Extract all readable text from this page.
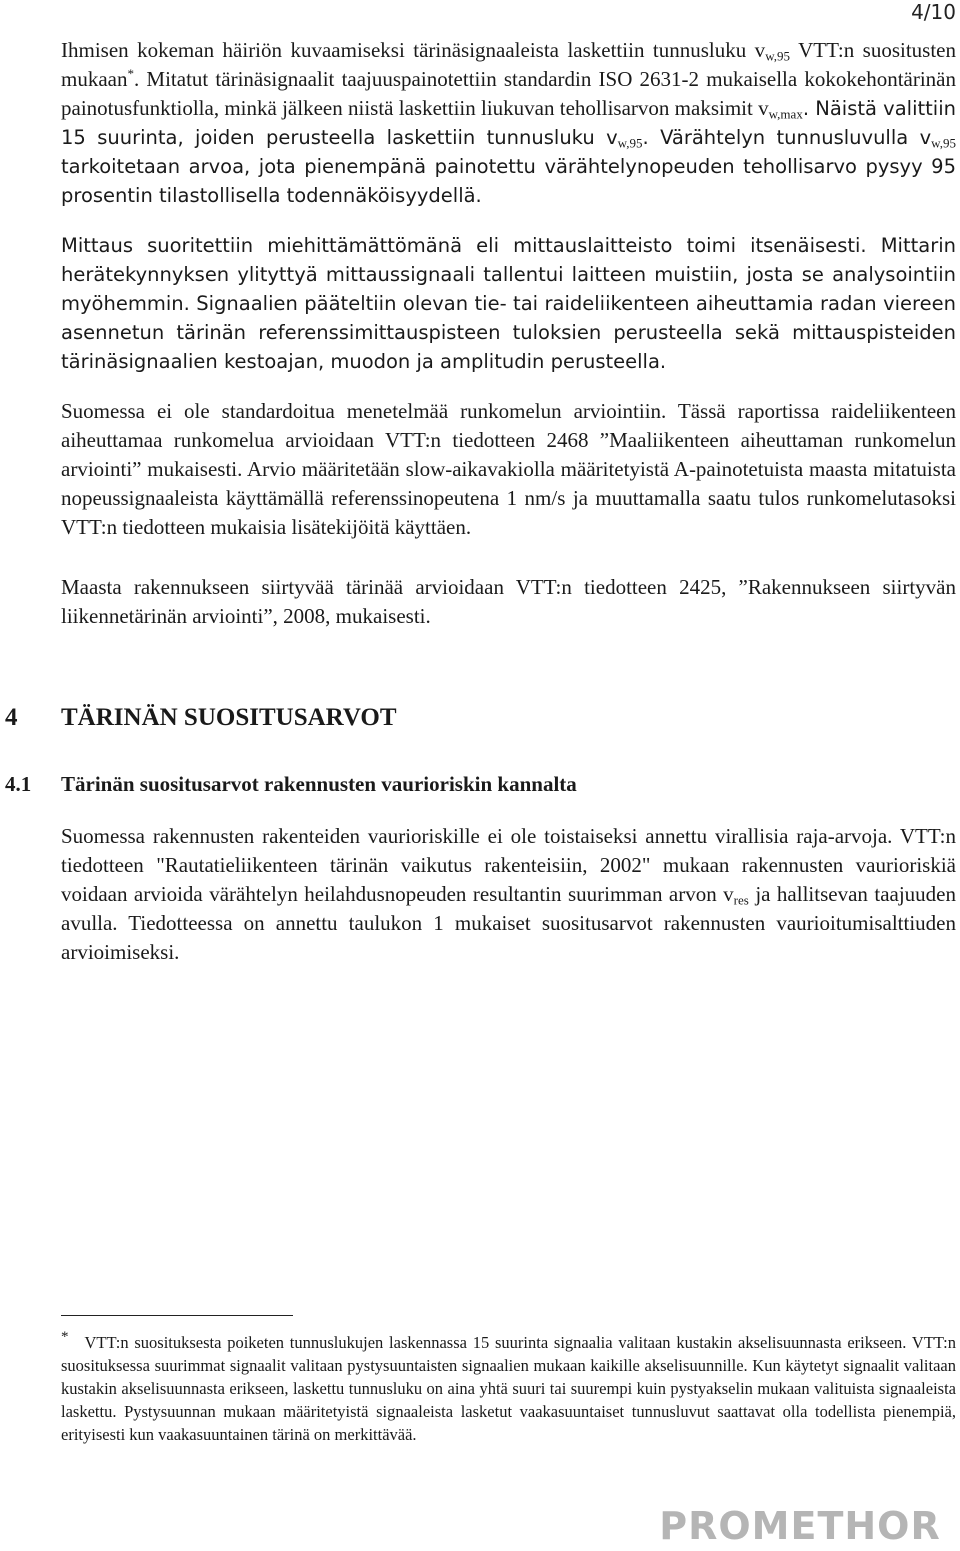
4/10

Ihmisen kokeman häiriön kuvaamiseksi tärinäsignaaleista laskettiin tunnusluku $v_{w,95}$ VTT:n suositusten mukaan*. Mitatut tärinäsignaalit taajuuspainotettiin standardin ISO 2631-2 mukaisella kokokehontärinän painotusfunktiolla, minkä jälkeen niistä laskettiin liukuvan tehollisarvon maksimit $v_{w,max}$. Näistä valittiin 15 suurinta, joiden perusteella laskettiin tunnusluku $v_{w,95}$. Värähtelyn tunnusluvulla $v_{w,95}$ tarkoitetaan arvoa, jota pienempänä painotettu värähtelynopeuden tehollisarvo pysyy 95 prosentin tilastollisella todennäköisyydellä.

Mittaus suoritettiin miehittämättömänä eli mittauslaitteisto toimi itsenäisesti. Mittarin herätekynnyksen ylityttyä mittaussignaali tallentui laitteen muistiin, josta se analysointiin myöhemmin. Signaalien pääteltiin olevan tie- tai raideliikenteen aiheuttamia radan viereen asennetun tärinän referenssimittauspisteen tuloksien perusteella sekä mittauspisteiden tärinäsignaalien kestoajan, muodon ja amplitudin perusteella.

Suomessa ei ole standardoitua menetelmää runkomelun arviointiin. Tässä raportissa raideliikenteen aiheuttamaa runkomelua arvioidaan VTT:n tiedotteen 2468 ”Maaliikenteen aiheuttaman runkomelun arviointi” mukaisesti. Arvio määritetään slow-aikavakiolla määritetyistä A-painotetuista maasta mitatuista nopeussignaaleista käyttämällä referenssinopeutena 1 nm/s ja muuttamalla saatu tulos runkomelutasoksi VTT:n tiedotteen mukaisia lisätekijöitä käyttäen.

Maasta rakennukseen siirtyvää tärinää arvioidaan VTT:n tiedotteen 2425, ”Rakennukseen siirtyvän liikennetärinän arviointi”, 2008, mukaisesti.

4 TÄRINÄN SUOSITUSARVOT
4.1 Tärinän suositusarvot rakennusten vaurioriskin kannalta

Suomessa rakennusten rakenteiden vaurioriskille ei ole toistaiseksi annettu virallisia raja-arvoja. VTT:n tiedotteen "Rautatieliikenteen tärinän vaikutus rakenteisiin, 2002" mukaan rakennusten vaurioriskiä voidaan arvioida värähtelyn heilahdusnopeuden resultantin suurimman arvon $v_{res}$ ja hallitsevan taajuuden avulla. Tiedotteessa on annettu taulukon 1 mukaiset suositusarvot rakennusten vaurioitumisalttiuden arvioimiseksi.

* VTT:n suosituksesta poiketen tunnuslukujen laskennassa 15 suurinta signaalia valitaan kustakin akselisuunnasta erikseen. VTT:n suosituksessa suurimmat signaalit valitaan pystysuuntaisten signaalien mukaan kaikille akselisuunnille. Kun käytetyt signaalit valitaan kustakin akselisuunnasta erikseen, laskettu tunnusluku on aina yhtä suuri tai suurempi kuin pystyakselin mukaan valituista signaaleista laskettu. Pystysuunnan mukaan määritetyistä signaaleista lasketut vaakasuuntaiset tunnusluvut saattavat olla todellista pienempiä, erityisesti kun vaakasuuntainen tärinä on merkittävää.

PROMETHOR
